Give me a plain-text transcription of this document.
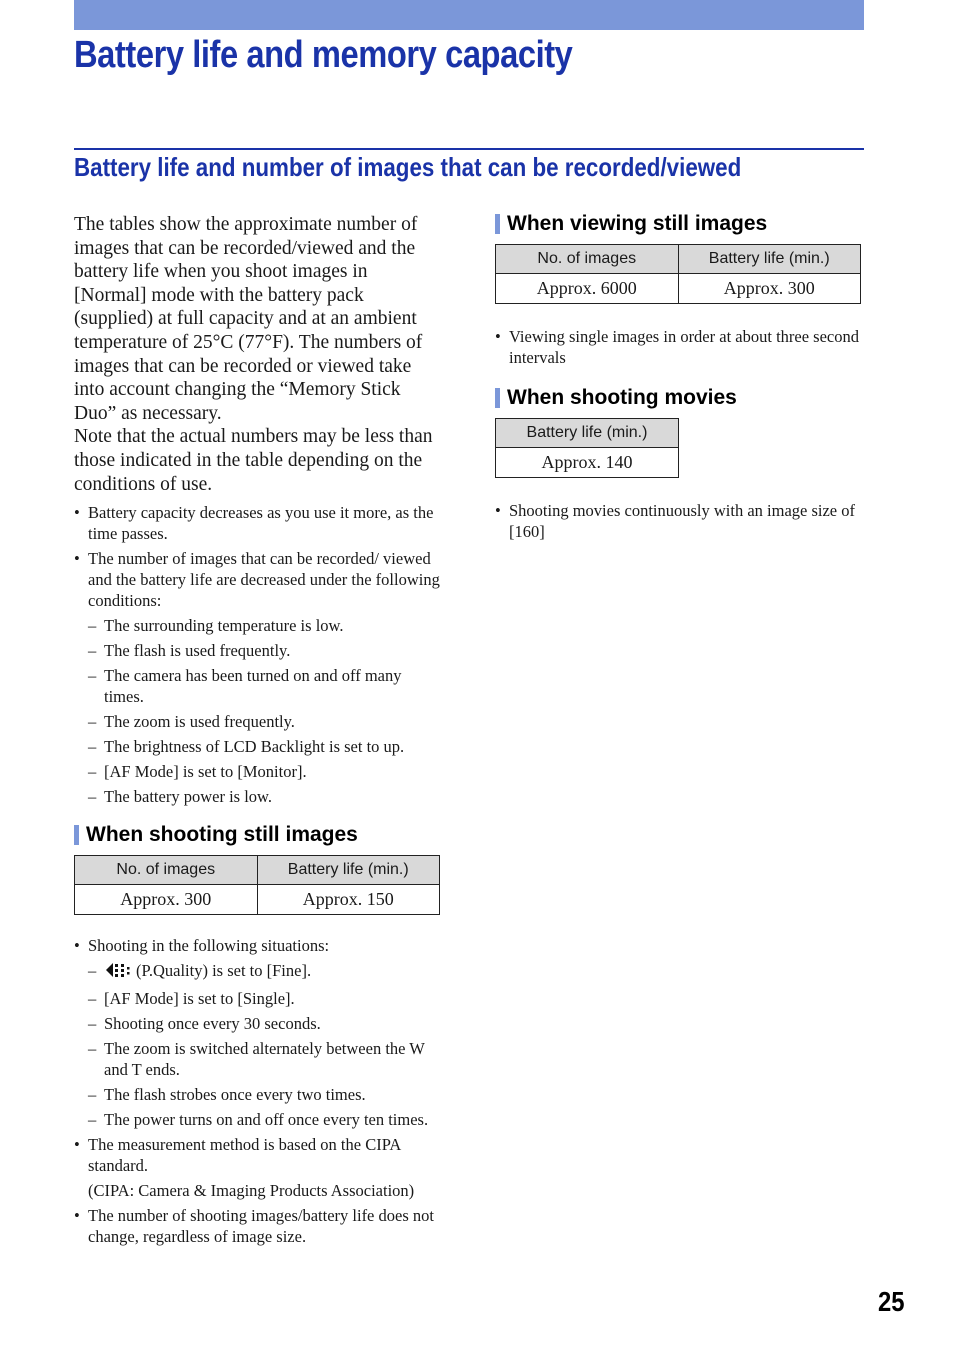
Battery life and memory capacity
Battery life and number of images that can be recorded/viewed

The tables show the approximate number of images that can be recorded/viewed and the battery life when you shoot images in [Normal] mode with the battery pack (supplied) at full capacity and at an ambient temperature of 25°C (77°F). The numbers of images that can be recorded or viewed take into account changing the “Memory Stick Duo” as necessary.

Note that the actual numbers may be less than those indicated in the table depending on the conditions of use.

• Battery capacity decreases as you use it more, as the time passes.
• The number of images that can be recorded/ viewed and the battery life are decreased under the following conditions:
– The surrounding temperature is low.
– The flash is used frequently.
– The camera has been turned on and off many times.
– The zoom is used frequently.
– The brightness of LCD Backlight is set to up.
– [AF Mode] is set to [Monitor].
– The battery power is low.
When shooting still images
No. of images	Battery life (min.)
Approx. 300	Approx. 150
• Shooting in the following situations:
– (P.Quality) is set to [Fine].
– [AF Mode] is set to [Single].
– Shooting once every 30 seconds.
– The zoom is switched alternately between the W and T ends.
– The flash strobes once every two times.
– The power turns on and off once every ten times.
• The measurement method is based on the CIPA standard.
(CIPA: Camera & Imaging Products Association)
• The number of shooting images/battery life does not change, regardless of image size.
When viewing still images
No. of images	Battery life (min.)
Approx. 6000	Approx. 300
• Viewing single images in order at about three second intervals
When shooting movies
Battery life (min.)
Approx. 140
• Shooting movies continuously with an image size of [160]
25
